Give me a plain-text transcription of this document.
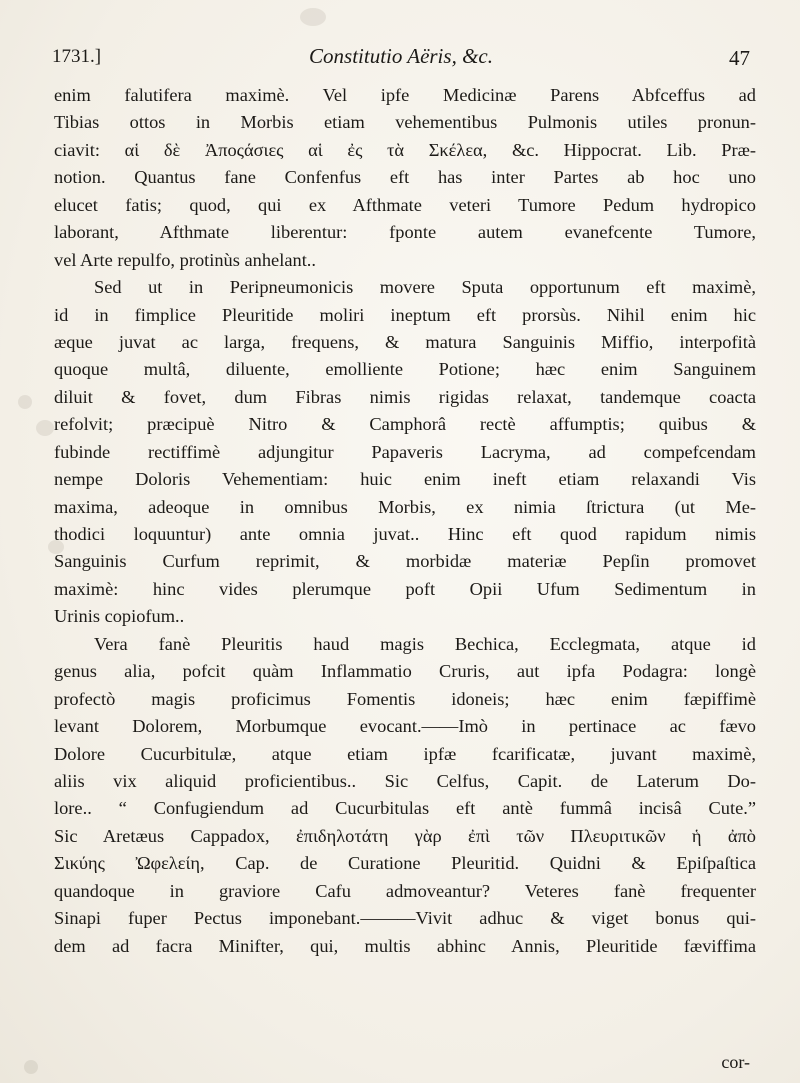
1731.]	Constitutio Aëris, &c.	47
enim falutifera maximè. Vel ipfe Medicinæ Parens Abfceffus ad
Tibias ottos in Morbis etiam vehementibus Pulmonis utiles pronun-
ciavit: αἱ δὲ Ἀποςάσιες αἱ ἐς τὰ Σκέλεα, &c. Hippocrat. Lib. Præ-
notion. Quantus fane Confenfus eft has inter Partes ab hoc uno
elucet fatis; quod, qui ex Afthmate veteri Tumore Pedum hydropico
laborant, Afthmate liberentur: fponte autem evanefcente Tumore,
vel Arte repulfo, protinùs anhelant..
Sed ut in Peripneumonicis movere Sputa opportunum eft maximè,
id in fimplice Pleuritide moliri ineptum eft prorsùs. Nihil enim hic
æque juvat ac larga, frequens, & matura Sanguinis Miffio, interpofità
quoque multâ, diluente, emolliente Potione; hæc enim Sanguinem
diluit & fovet, dum Fibras nimis rigidas relaxat, tandemque coacta
refolvit; præcipuè Nitro & Camphorâ rectè affumptis; quibus &
fubinde rectiffimè adjungitur Papaveris Lacryma, ad compefcendam
nempe Doloris Vehementiam: huic enim ineft etiam relaxandi Vis
maxima, adeoque in omnibus Morbis, ex nimia ſtrictura (ut Me-
thodici loquuntur) ante omnia juvat.. Hinc eft quod rapidum nimis
Sanguinis Curfum reprimit, & morbidæ materiæ Pepſin promovet
maximè: hinc vides plerumque poft Opii Ufum Sedimentum in
Urinis copiofum..
Vera fanè Pleuritis haud magis Bechica, Ecclegmata, atque id
genus alia, pofcit quàm Inflammatio Cruris, aut ipfa Podagra: longè
profectò magis proficimus Fomentis idoneis; hæc enim fæpiffimè
levant Dolorem, Morbumque evocant.——Imò in pertinace ac fævo
Dolore Cucurbitulæ, atque etiam ipfæ fcarificatæ, juvant maximè,
aliis vix aliquid proficientibus.. Sic Celfus, Capit. de Laterum Do-
lore.. “ Confugiendum ad Cucurbitulas eft antè fummâ incisâ Cute.”
Sic Aretæus Cappadox, ἐπιδηλοτάτη γὰρ ἐπὶ τῶν Πλευριτικῶν ἡ ἀπὸ
Σικύης Ὠφελείη, Cap. de Curatione Pleuritid. Quidni & Epiſpaſtica
quandoque in graviore Cafu admoveantur? Veteres fanè frequenter
Sinapi fuper Pectus imponebant.———Vivit adhuc & viget bonus qui-
dem ad facra Minifter, qui, multis abhinc Annis, Pleuritide fæviffima
cor-
